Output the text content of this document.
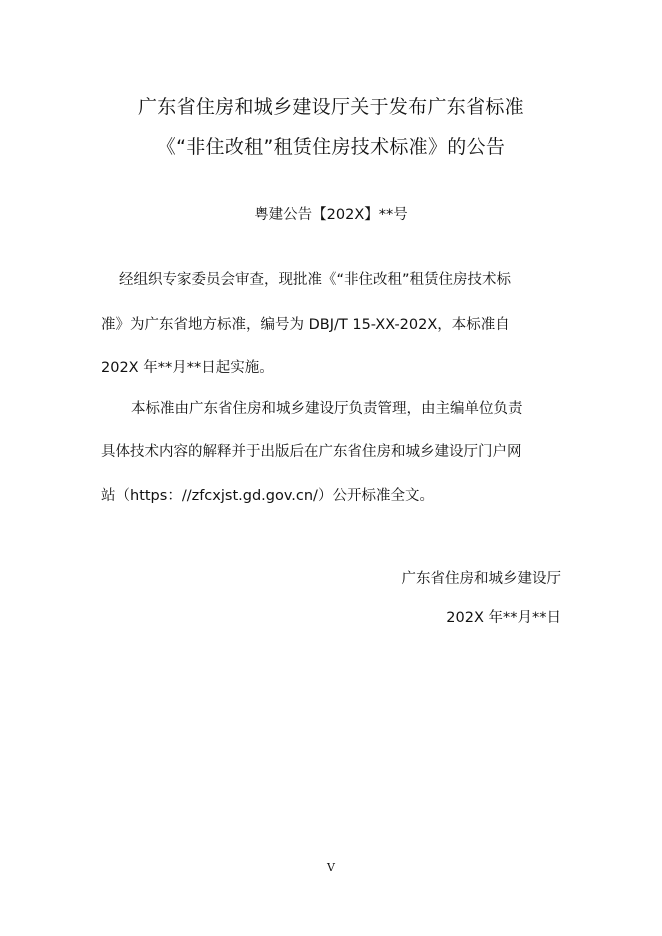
广东省住房和城乡建设厅关于发布广东省标准
《“非住改租”租赁住房技术标准》的公告
粤建公告【202X】**号
经组织专家委员会审查，现批准《“非住改租”租赁住房技术标
准》为广东省地方标准，编号为 DBJ/T 15-XX-202X，本标准自
202X 年**月**日起实施。
本标准由广东省住房和城乡建设厅负责管理，由主编单位负责
具体技术内容的解释并于出版后在广东省住房和城乡建设厅门户网
站（https：//zfcxjst.gd.gov.cn/）公开标准全文。
广东省住房和城乡建设厅
202X 年**月**日
V
